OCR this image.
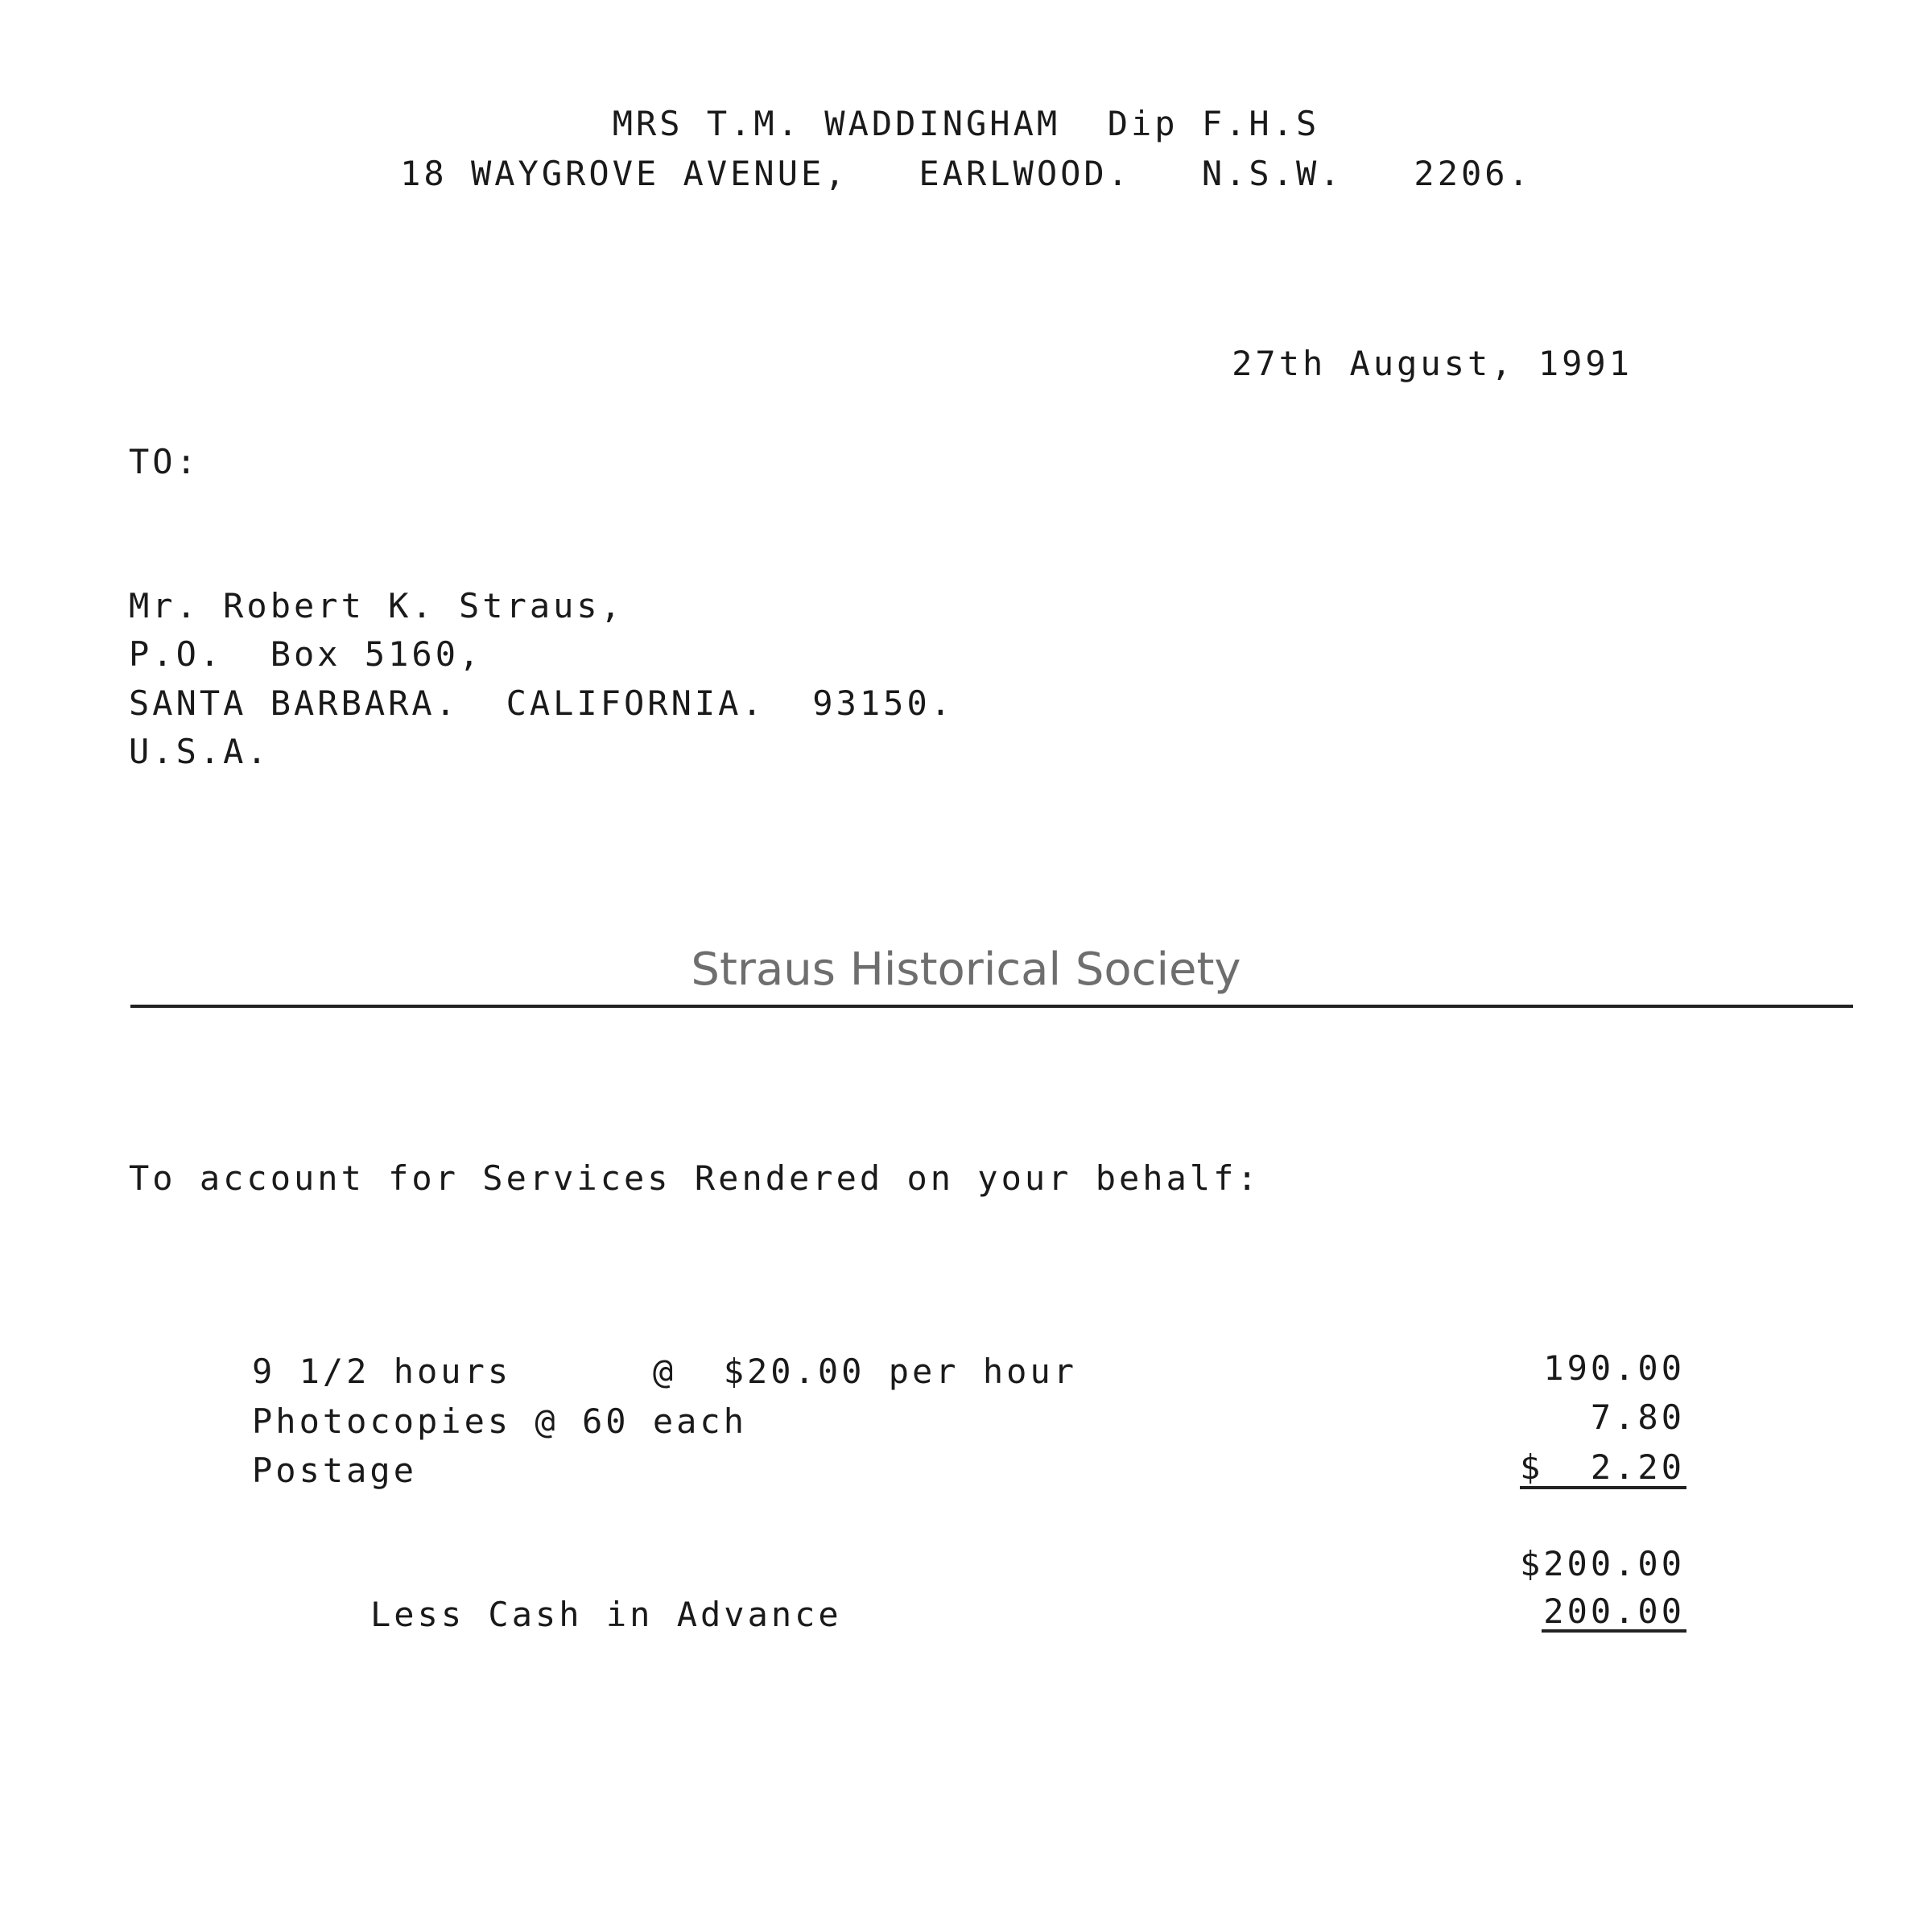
MRS T.M. WADDINGHAM  Dip F.H.S
18 WAYGROVE AVENUE,   EARLWOOD.   N.S.W.   2206.
27th August, 1991
TO:
Mr. Robert K. Straus,
P.O.  Box 5160,
SANTA BARBARA.  CALIFORNIA.  93150.
U.S.A.
Straus Historical Society
To account for Services Rendered on your behalf:
9 1/2 hours      @  $20.00 per hour	190.00
Photocopies @ 60 each	7.80
Postage	$  2.20
$200.00
Less Cash in Advance	200.00
